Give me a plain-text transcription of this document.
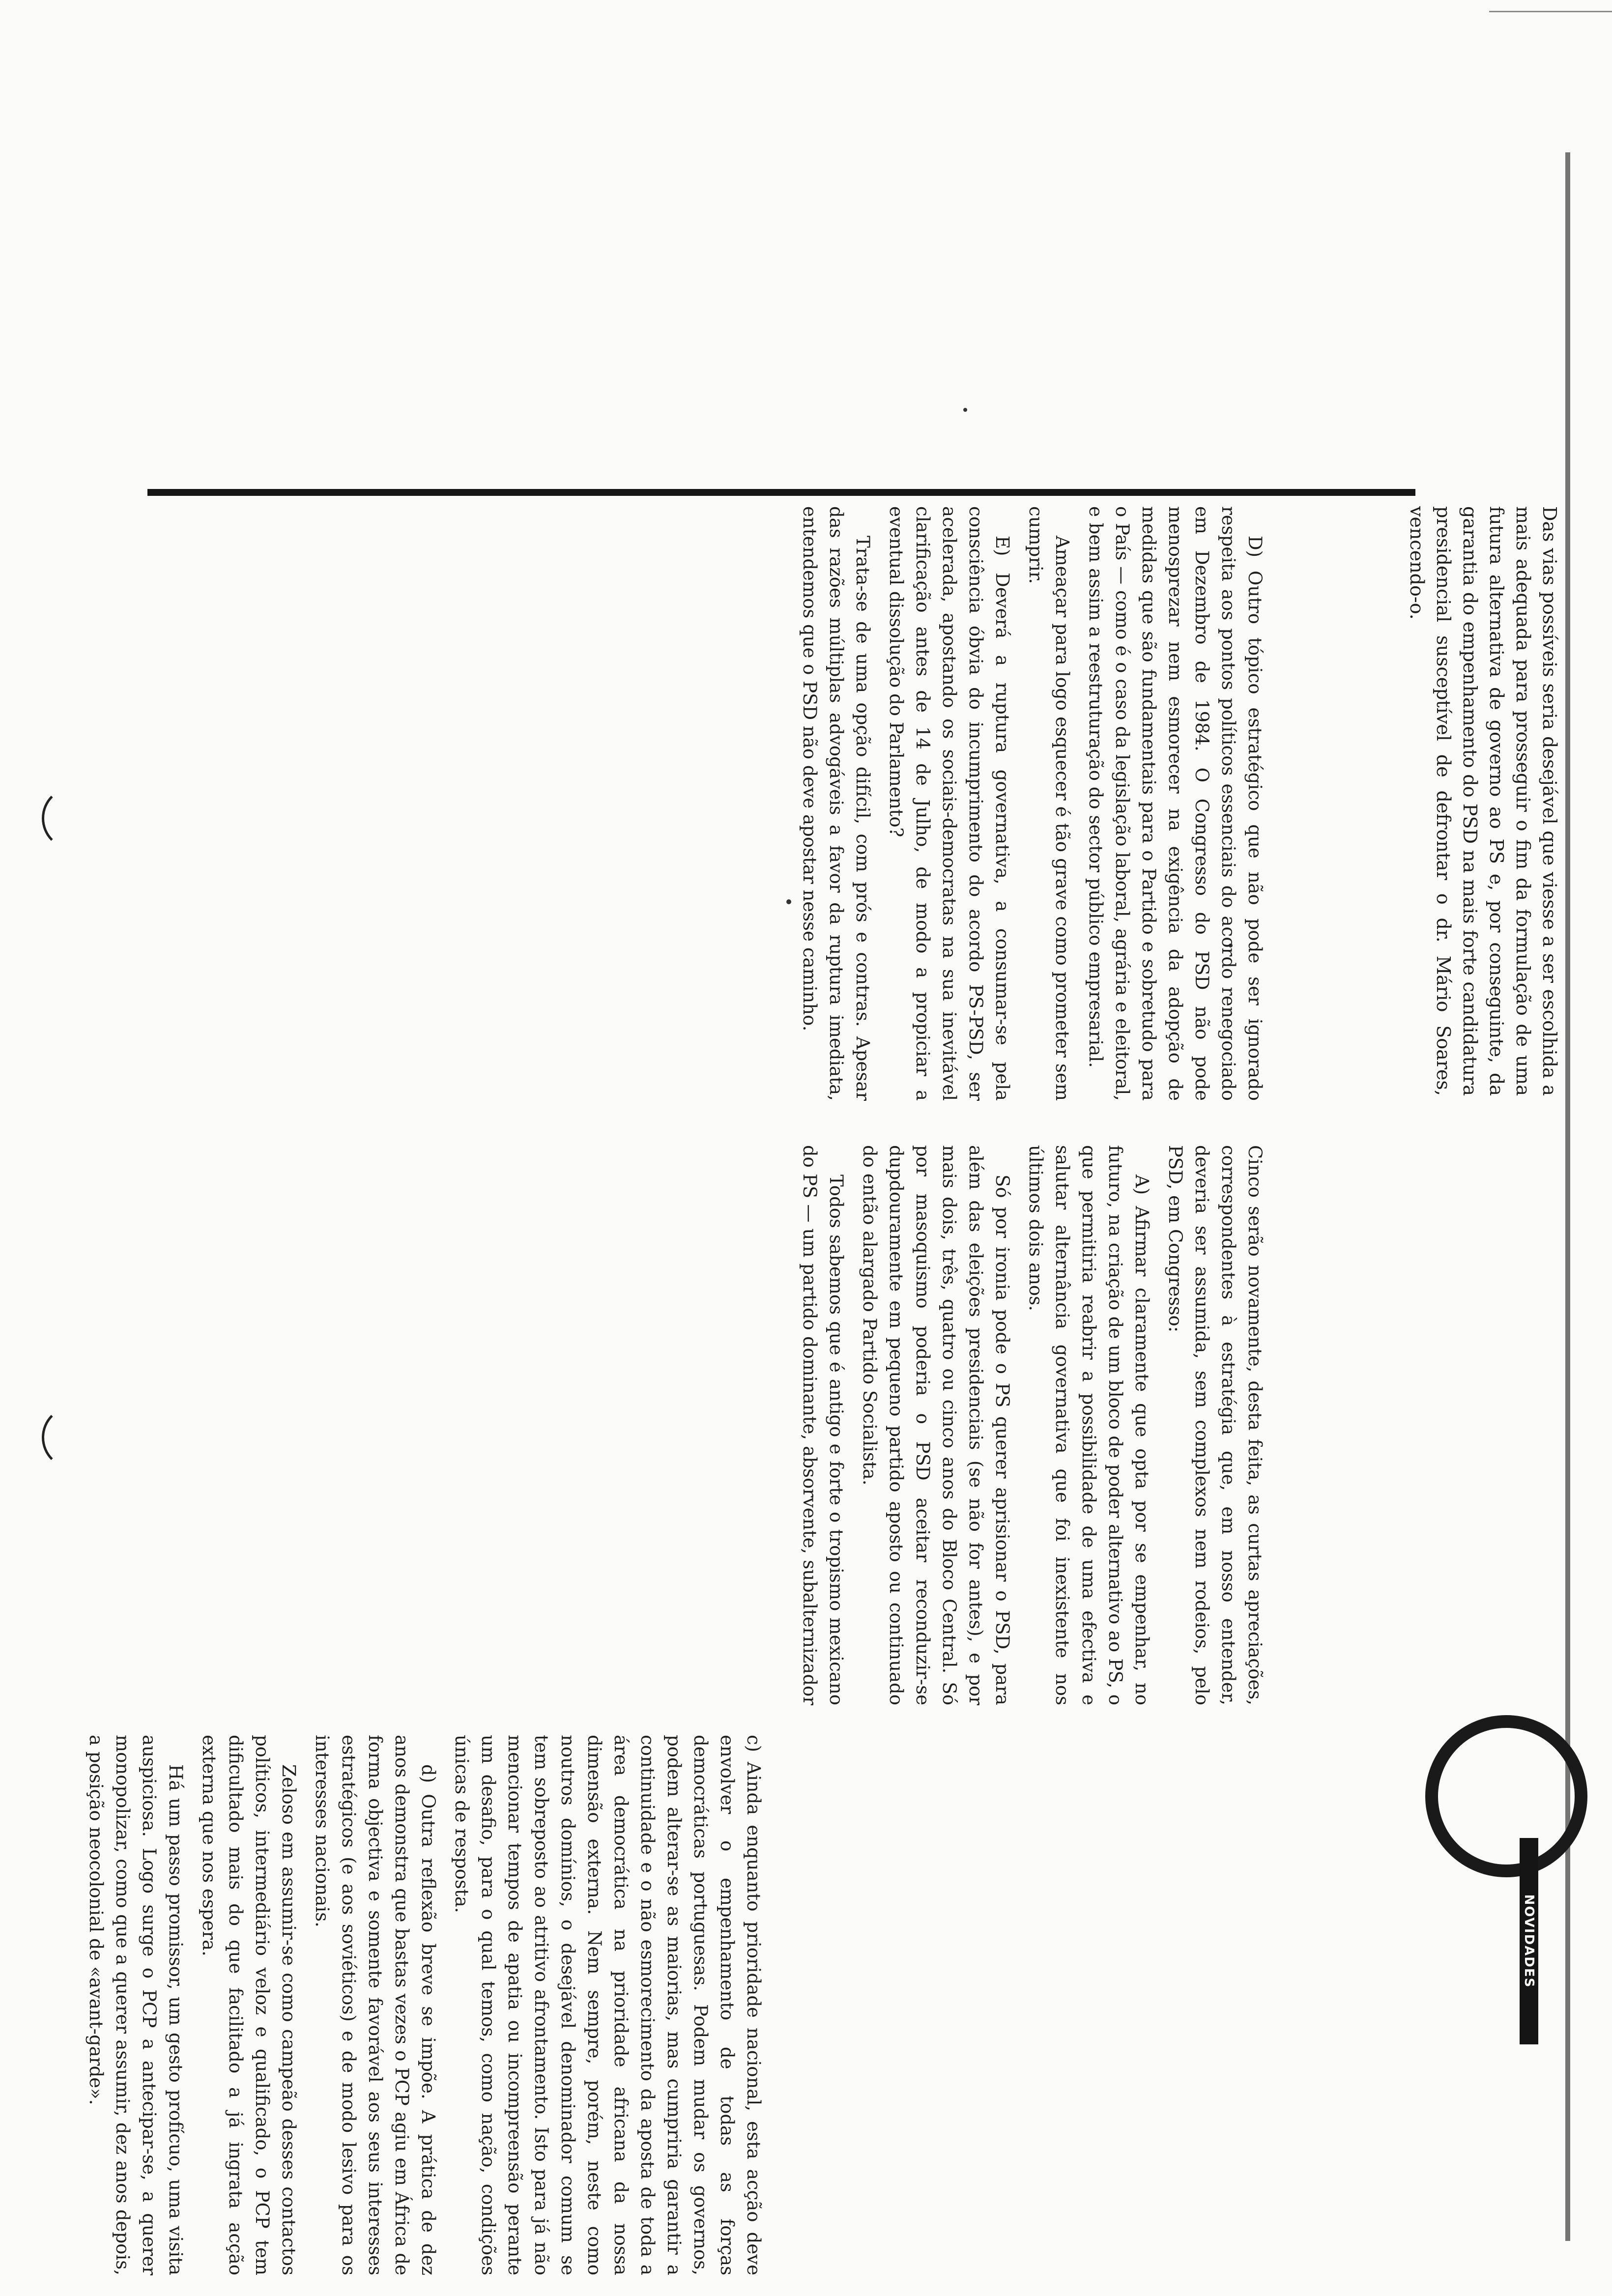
NOVIDADES

Das vias possíveis seria desejável que viesse a ser escolhida a mais adequada para prosseguir o fim da formulação de uma futura alternativa de governo ao PS e, por conseguinte, da garantia do empenhamento do PSD na mais forte candidatura presidencial susceptível de defrontar o dr. Mário Soares, vencendo-o.

D) Outro tópico estratégico que não pode ser ignorado respeita aos pontos políticos essenciais do acordo renegociado em Dezembro de 1984. O Congresso do PSD não pode menosprezar nem esmorecer na exigência da adopção de medidas que são fundamentais para o Partido e sobretudo para o País — como é o caso da legislação laboral, agrária e eleitoral, e bem assim a reestruturação do sector público empresarial.

Ameaçar para logo esquecer é tão grave como prometer sem cumprir.

E) Deverá a ruptura governativa, a consumar-se pela consciência óbvia do incumprimento do acordo PS-PSD, ser acelerada, apostando os sociais-democratas na sua inevitável clarificação antes de 14 de Julho, de modo a propiciar a eventual dissolução do Parlamento?

Trata-se de uma opção difícil, com prós e contras. Apesar das razões múltiplas advogáveis a favor da ruptura imediata, entendemos que o PSD não deve apostar nesse caminho.

Cinco serão novamente, desta feita, as curtas apreciações, correspondentes à estratégia que, em nosso entender, deveria ser assumida, sem complexos nem rodeios, pelo PSD, em Congresso:

A) Afirmar claramente que opta por se empenhar, no futuro, na criação de um bloco de poder alternativo ao PS, o que permitiria reabrir a possibilidade de uma efectiva e salutar alternância governativa que foi inexistente nos últimos dois anos.

Só por ironia pode o PS querer aprisionar o PSD, para além das eleições presidenciais (se não for antes), e por mais dois, três, quatro ou cinco anos do Bloco Central. Só por masoquismo poderia o PSD aceitar reconduzir-se dupdouramente em pequeno partido aposto ou continuado do então alargado Partido Socialista.

Todos sabemos que é antigo e forte o tropismo mexicano do PS — um partido dominante, absorvente, subalternizador

c) Ainda enquanto prioridade nacional, esta acção deve envolver o empenhamento de todas as forças democráticas portuguesas. Podem mudar os governos, podem alterar-se as maiorias, mas cumpriria garantir a continuidade e o não esmorecimento da aposta de toda a área democrática na prioridade africana da nossa dimensão externa. Nem sempre, porém, neste como noutros domínios, o desejável denominador comum se tem sobreposto ao atritivo afrontamento. Isto para já não mencionar tempos de apatia ou incompreensão perante um desafio, para o qual temos, como nação, condições únicas de resposta.

d) Outra reflexão breve se impõe. A prática de dez anos demonstra que bastas vezes o PCP agiu em África de forma objectiva e somente favorável aos seus interesses estratégicos (e aos soviéticos) e de modo lesivo para os interesses nacionais.

Zeloso em assumir-se como campeão desses contactos políticos, intermediário veloz e qualificado, o PCP tem dificultado mais do que facilitado a já ingrata acção externa que nos espera.

Há um passo promissor, um gesto profícuo, uma visita auspiciosa. Logo surge o PCP a antecipar-se, a querer monopolizar, como que a querer assumir, dez anos depois, a posição neocolonial de «avant-garde».
